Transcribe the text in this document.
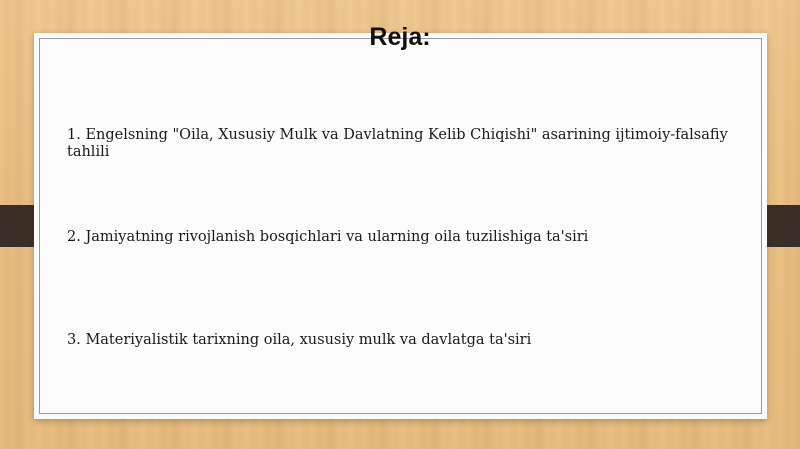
Reja:
1. Engelsning "Oila, Xususiy Mulk va Davlatning Kelib Chiqishi" asarining ijtimoiy-falsafiy tahlili
2. Jamiyatning rivojlanish bosqichlari va ularning oila tuzilishiga ta'siri
3. Materiyalistik tarixning oila, xususiy mulk va davlatga ta'siri
